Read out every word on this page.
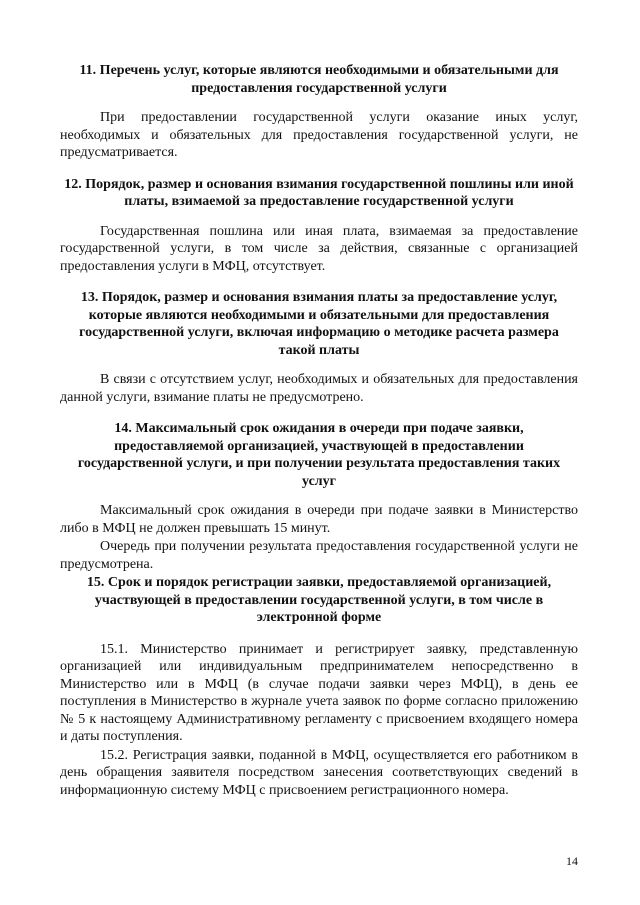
11. Перечень услуг, которые являются необходимыми и обязательными для предоставления государственной услуги

При предоставлении государственной услуги оказание иных услуг, необходимых и обязательных для предоставления государственной услуги, не предусматривается.

12. Порядок, размер и основания взимания государственной пошлины или иной платы, взимаемой за предоставление государственной услуги

Государственная пошлина или иная плата, взимаемая за предоставление государственной услуги, в том числе за действия, связанные с организацией предоставления услуги в МФЦ, отсутствует.

13. Порядок, размер и основания взимания платы за предоставление услуг, которые являются необходимыми и обязательными для предоставления государственной услуги, включая информацию о методике расчета размера такой платы

В связи с отсутствием услуг, необходимых и обязательных для предоставления данной услуги, взимание платы не предусмотрено.

14. Максимальный срок ожидания в очереди при подаче заявки, предоставляемой организацией, участвующей в предоставлении государственной услуги, и при получении результата предоставления таких услуг

Максимальный срок ожидания в очереди при подаче заявки в Министерство либо в МФЦ не должен превышать 15 минут.

Очередь при получении результата предоставления государственной услуги не предусмотрена.

15. Срок и порядок регистрации заявки, предоставляемой организацией, участвующей в предоставлении государственной услуги, в том числе в электронной форме

15.1. Министерство принимает и регистрирует заявку, представленную организацией или индивидуальным предпринимателем непосредственно в Министерство или в МФЦ (в случае подачи заявки через МФЦ), в день ее поступления в Министерство в журнале учета заявок по форме согласно приложению № 5 к настоящему Административному регламенту с присвоением входящего номера и даты поступления.

15.2. Регистрация заявки, поданной в МФЦ, осуществляется его работником в день обращения заявителя посредством занесения соответствующих сведений в информационную систему МФЦ с присвоением регистрационного номера.

14
